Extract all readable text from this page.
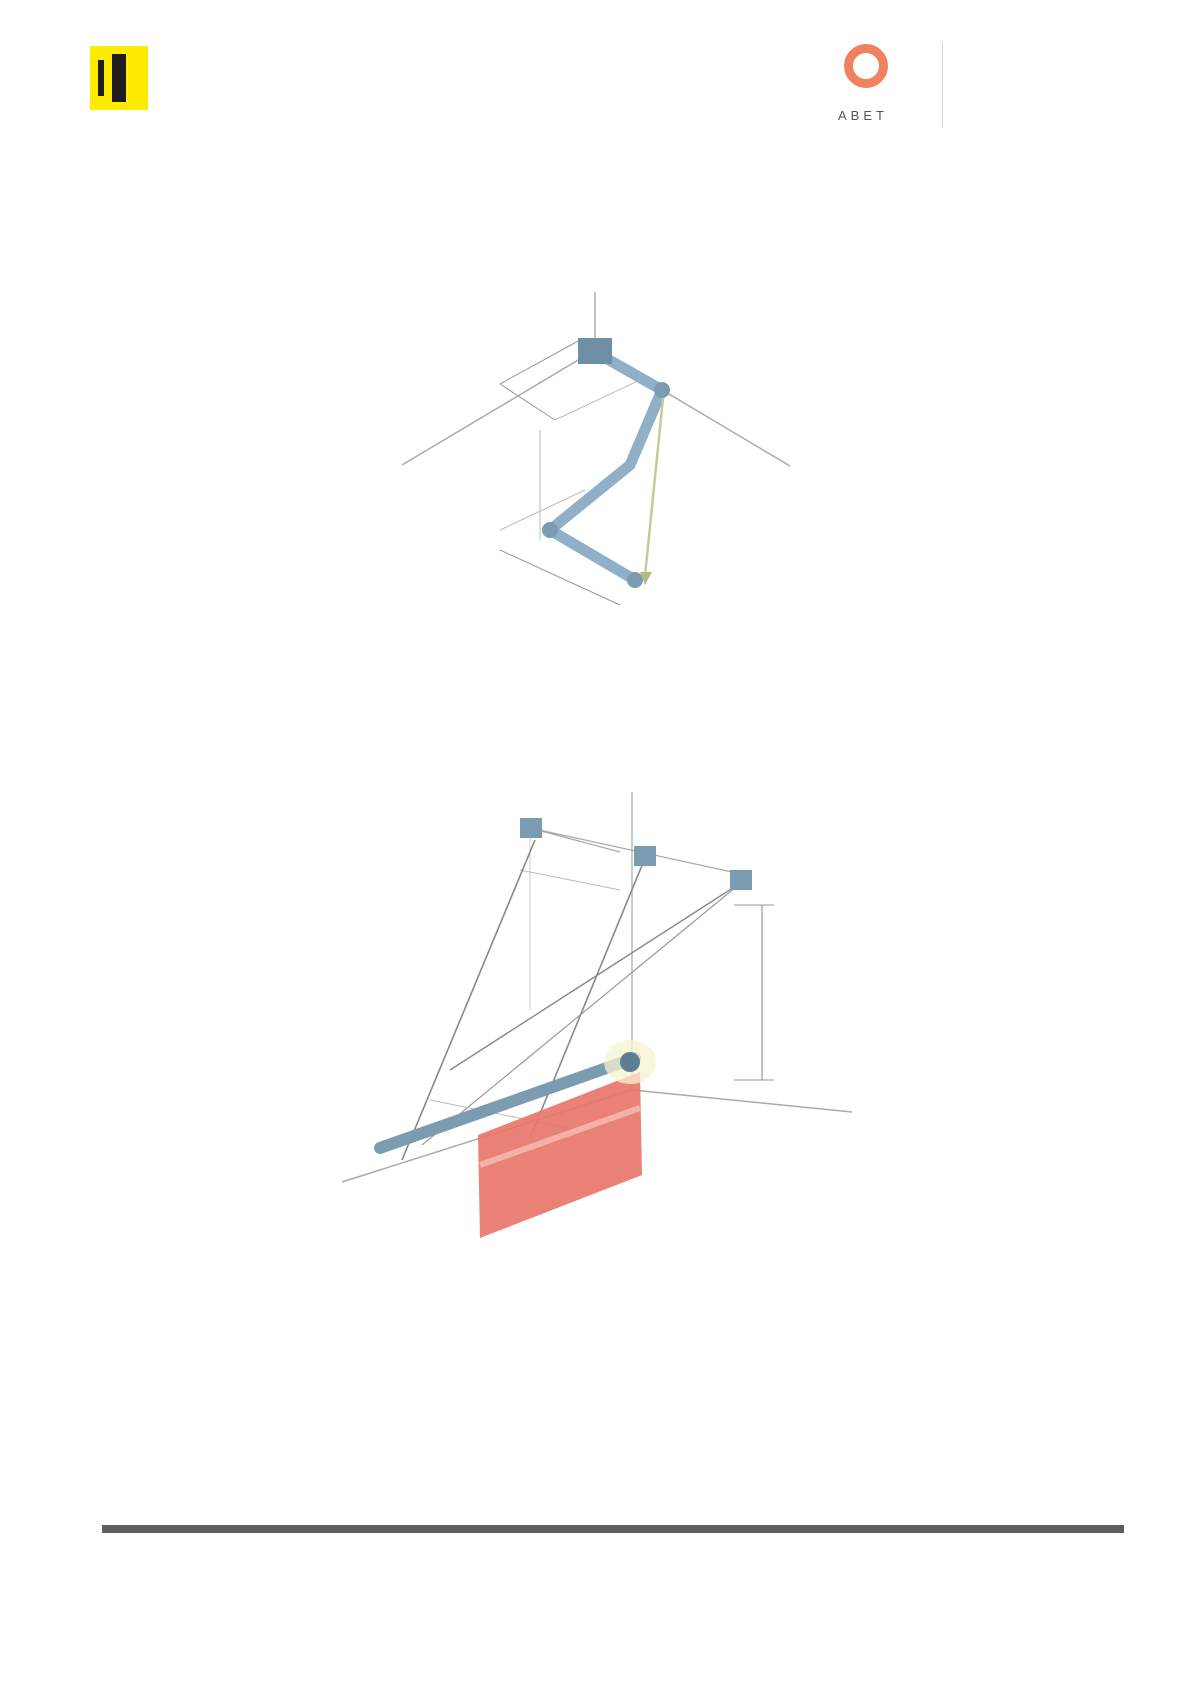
ABET
